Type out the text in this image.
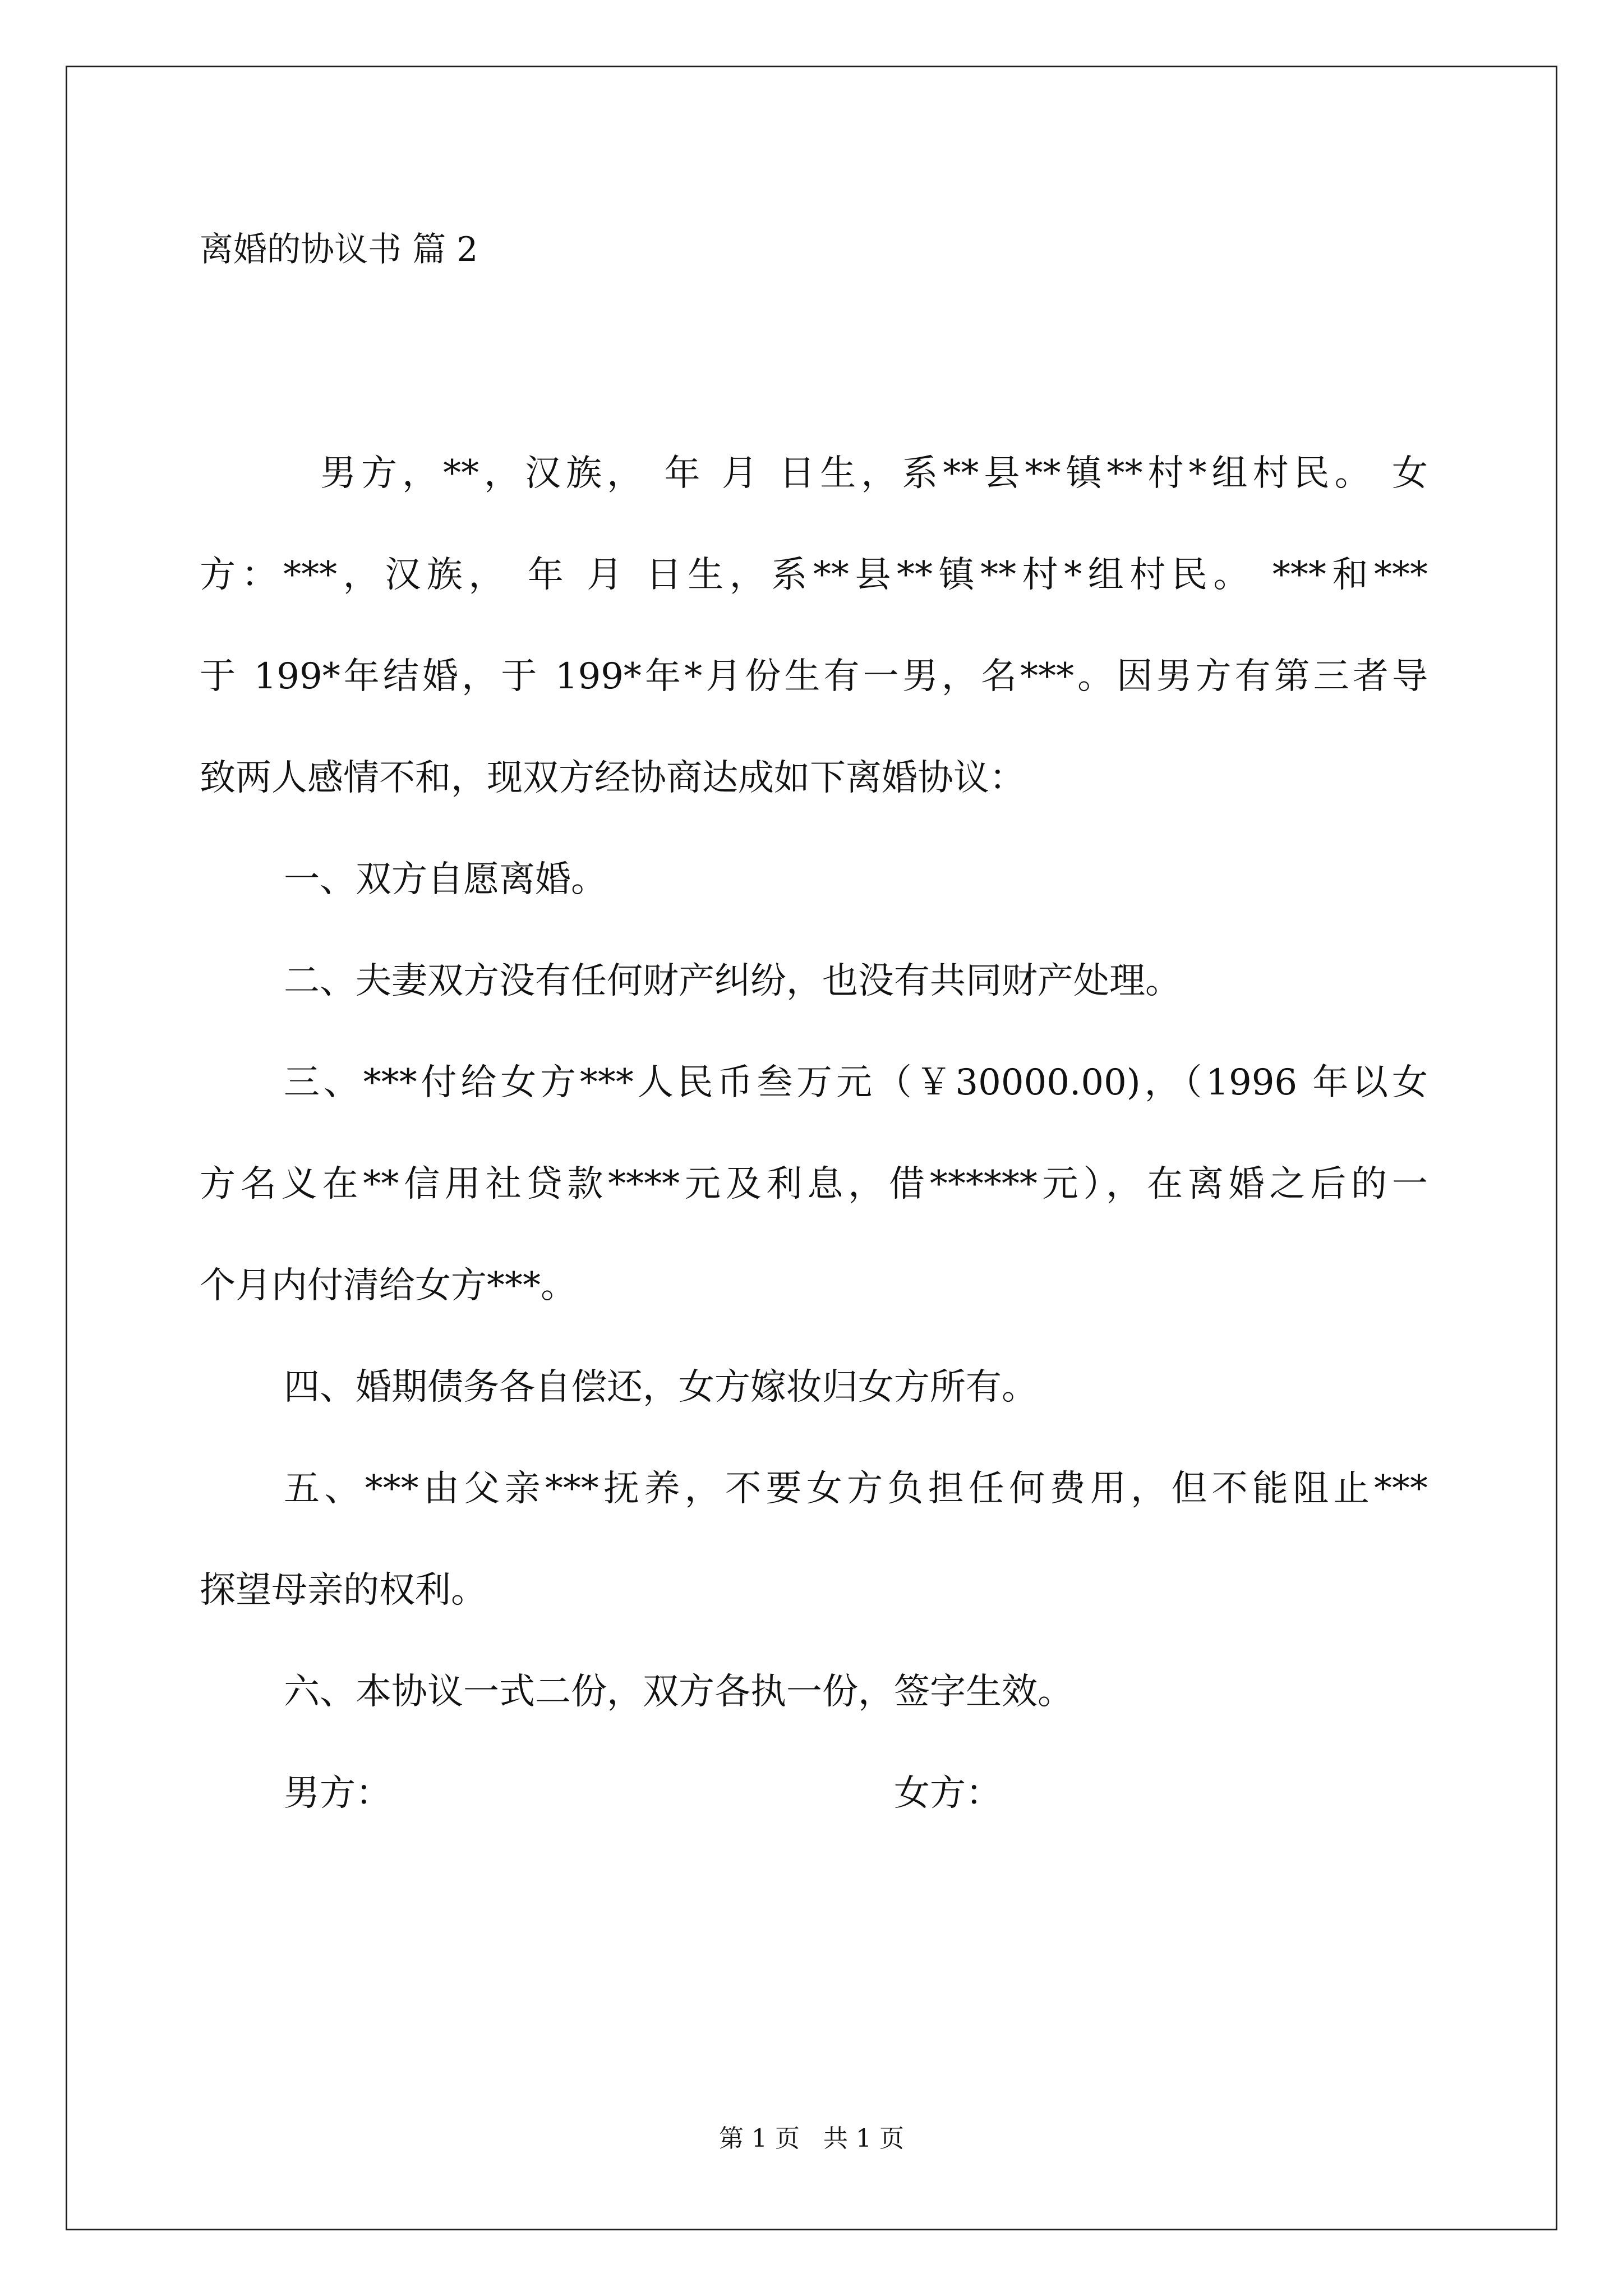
离婚的协议书 篇 2
男方，**，汉族， 年 月 日生，系**县**镇**村*组村民。 女
方：***，汉族， 年 月 日生，系**县**镇**村*组村民。 ***和***
于 199*年结婚，于 199*年*月份生有一男，名***。因男方有第三者导
致两人感情不和，现双方经协商达成如下离婚协议：
一、双方自愿离婚。
二、夫妻双方没有任何财产纠纷，也没有共同财产处理。
三、***付给女方***人民币叁万元（￥30000.00)，（1996 年以女
方名义在**信用社贷款****元及利息，借******元），在离婚之后的一
个月内付清给女方***。
四、婚期债务各自偿还，女方嫁妆归女方所有。
五、***由父亲***抚养，不要女方负担任何费用，但不能阻止***
探望母亲的权利。
六、本协议一式二份，双方各执一份，签字生效。
男方：	女方：
第 1 页   共 1 页
